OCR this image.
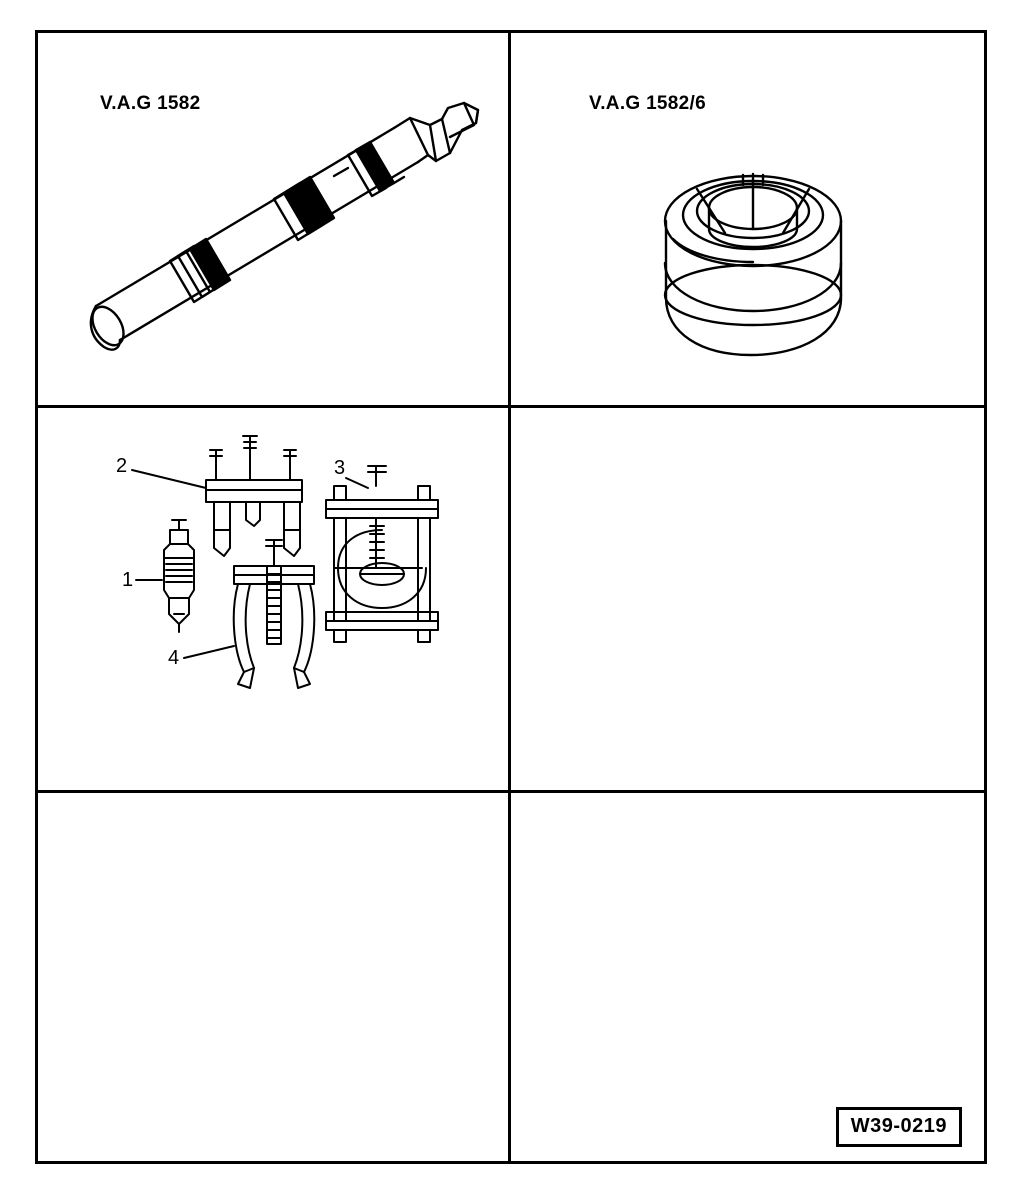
V.A.G 1582	V.A.G 1582/6
1
2	3
4
W39-0219
